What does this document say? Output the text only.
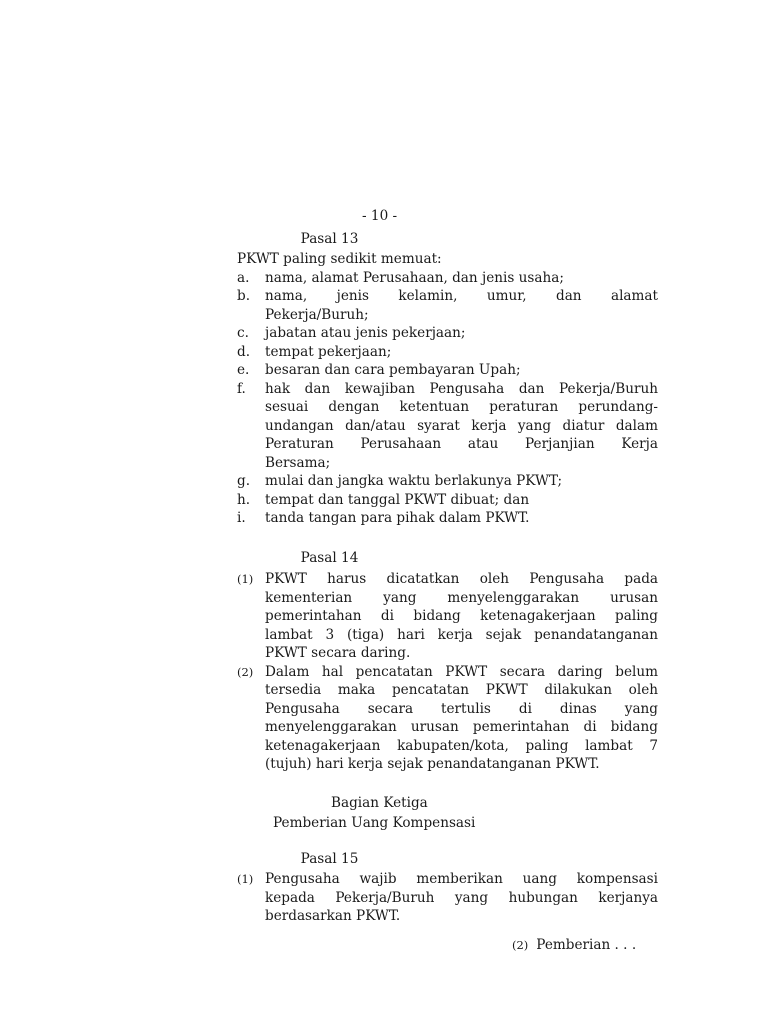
- 10 -
Pasal 13
PKWT paling sedikit memuat:
a. nama, alamat Perusahaan, dan jenis usaha;
b. nama, jenis kelamin, umur, dan alamat
Pekerja/Buruh;
c. jabatan atau jenis pekerjaan;
d. tempat pekerjaan;
e. besaran dan cara pembayaran Upah;
f. hak dan kewajiban Pengusaha dan Pekerja/Buruh
sesuai dengan ketentuan peraturan perundang-
undangan dan/atau syarat kerja yang diatur dalam
Peraturan Perusahaan atau Perjanjian Kerja
Bersama;
g. mulai dan jangka waktu berlakunya PKWT;
h. tempat dan tanggal PKWT dibuat; dan
i. tanda tangan para pihak dalam PKWT.
Pasal 14
(1) PKWT harus dicatatkan oleh Pengusaha pada
kementerian yang menyelenggarakan urusan
pemerintahan di bidang ketenagakerjaan paling
lambat 3 (tiga) hari kerja sejak penandatanganan
PKWT secara daring.
(2) Dalam hal pencatatan PKWT secara daring belum
tersedia maka pencatatan PKWT dilakukan oleh
Pengusaha secara tertulis di dinas yang
menyelenggarakan urusan pemerintahan di bidang
ketenagakerjaan kabupaten/kota, paling lambat 7
(tujuh) hari kerja sejak penandatanganan PKWT.
Bagian Ketiga
Pemberian Uang Kompensasi
Pasal 15
(1) Pengusaha wajib memberikan uang kompensasi
kepada Pekerja/Buruh yang hubungan kerjanya
berdasarkan PKWT.
(2) Pemberian . . .
